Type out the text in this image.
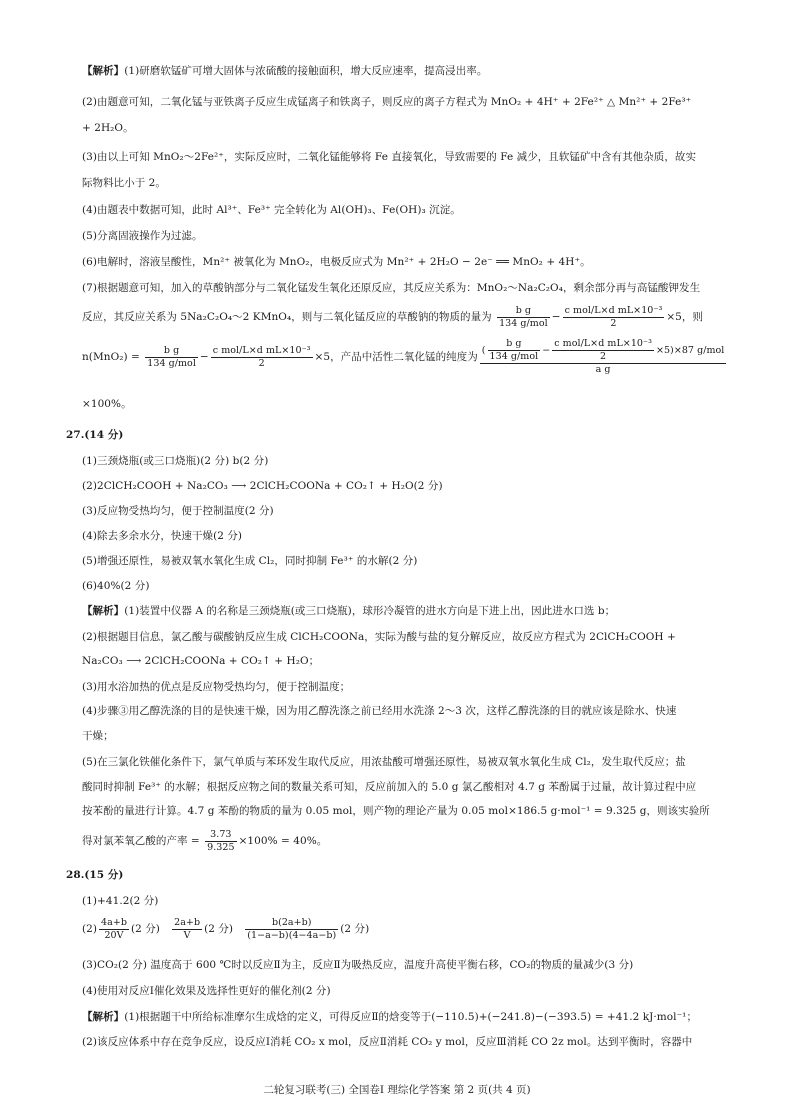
【解析】(1)研磨软锰矿可增大固体与浓硫酸的接触面积，增大反应速率，提高浸出率。
(2)由题意可知，二氧化锰与亚铁离子反应生成锰离子和铁离子，则反应的离子方程式为 MnO₂ + 4H⁺ + 2Fe²⁺ △ Mn²⁺ + 2Fe³⁺
+ 2H₂O。
(3)由以上可知 MnO₂～2Fe²⁺，实际反应时，二氧化锰能够将 Fe 直接氧化，导致需要的 Fe 减少，且软锰矿中含有其他杂质，故实
际物料比小于 2。
(4)由题表中数据可知，此时 Al³⁺、Fe³⁺ 完全转化为 Al(OH)₃、Fe(OH)₃ 沉淀。
(5)分离固液操作为过滤。
(6)电解时，溶液呈酸性，Mn²⁺ 被氧化为 MnO₂，电极反应式为 Mn²⁺ + 2H₂O − 2e⁻ ══ MnO₂ + 4H⁺。
(7)根据题意可知，加入的草酸钠部分与二氧化锰发生氧化还原反应，其反应关系为：MnO₂～Na₂C₂O₄，剩余部分再与高锰酸钾发生
反应，其反应关系为 5Na₂C₂O₄～2 KMnO₄，则与二氧化锰反应的草酸钠的物质的量为 $\frac{\text{b g}}{\text{134 g/mol}} - \frac{\text{c mol/L×d mL×10⁻³}}{2} \times 5$，则
$n(MnO_2) = \frac{\text{b g}}{\text{134 g/mol}} - \frac{\text{c mol/L×d mL×10⁻³}}{2} \times 5$，产品中活性二氧化锰的纯度为 $\frac{( \frac{\text{b g}}{\text{134 g/mol}} - \frac{\text{c mol/L×d mL×10⁻³}}{2} \times 5)\times 87 g/mol}{\text{a g}}$
×100%。
27.(14 分)
(1)三颈烧瓶(或三口烧瓶)(2 分) b(2 分)
(2)2ClCH₂COOH + Na₂CO₃ ⟶ 2ClCH₂COONa + CO₂↑ + H₂O(2 分)
(3)反应物受热均匀，便于控制温度(2 分)
(4)除去多余水分，快速干燥(2 分)
(5)增强还原性，易被双氧水氧化生成 Cl₂，同时抑制 Fe³⁺ 的水解(2 分)
(6)40%(2 分)
【解析】(1)装置中仪器 A 的名称是三颈烧瓶(或三口烧瓶)，球形冷凝管的进水方向是下进上出，因此进水口选 b；
(2)根据题目信息，氯乙酸与碳酸钠反应生成 ClCH₂COONa，实际为酸与盐的复分解反应，故反应方程式为 2ClCH₂COOH +
Na₂CO₃ ⟶ 2ClCH₂COONa + CO₂↑ + H₂O；
(3)用水浴加热的优点是反应物受热均匀，便于控制温度；
(4)步骤③用乙醇洗涤的目的是快速干燥，因为用乙醇洗涤之前已经用水洗涤 2～3 次，这样乙醇洗涤的目的就应该是除水、快速
干燥；
(5)在三氯化铁催化条件下，氯气单质与苯环发生取代反应，用浓盐酸可增强还原性，易被双氧水氧化生成 Cl₂，发生取代反应；盐
酸同时抑制 Fe³⁺ 的水解；根据反应物之间的数量关系可知，反应前加入的 5.0 g 氯乙酸相对 4.7 g 苯酚属于过量，故计算过程中应
按苯酚的量进行计算。4.7 g 苯酚的物质的量为 0.05 mol，则产物的理论产量为 0.05 mol×186.5 g·mol⁻¹ = 9.325 g，则该实验所
得对氯苯氧乙酸的产率 = $\frac{3.73}{9.325} \times 100\% = 40\%$。
28.(15 分)
(1)+41.2(2 分)
$(2) \frac{4a+b}{20V} (2$ 分) $\frac{2a+b}{V} (2$ 分) $\frac{b(2a+b)}{(1-a-b)(4-4a-b)} (2$ 分)
(3)CO₂(2 分) 温度高于 600 ℃时以反应Ⅱ为主，反应Ⅱ为吸热反应，温度升高使平衡右移，CO₂的物质的量减少(3 分)
(4)使用对反应Ⅰ催化效果及选择性更好的催化剂(2 分)
【解析】(1)根据题干中所给标准摩尔生成焓的定义，可得反应Ⅱ的焓变等于(−110.5)+(−241.8)−(−393.5) = +41.2 kJ·mol⁻¹；
(2)该反应体系中存在竞争反应，设反应Ⅰ消耗 CO₂ x mol，反应Ⅱ消耗 CO₂ y mol，反应Ⅲ消耗 CO 2z mol。达到平衡时，容器中
二轮复习联考(三) 全国卷Ⅰ 理综化学答案 第 2 页(共 4 页)
